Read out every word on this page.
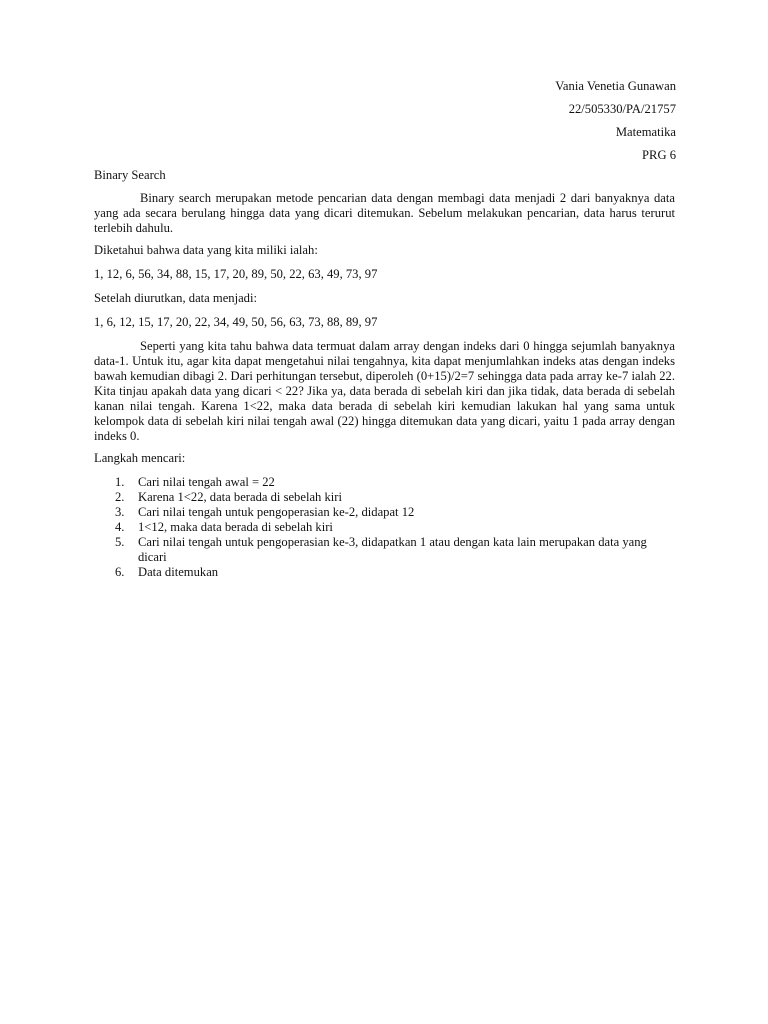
Vania Venetia Gunawan
22/505330/PA/21757
Matematika
PRG 6
Binary Search

Binary search merupakan metode pencarian data dengan membagi data menjadi 2 dari banyaknya data yang ada secara berulang hingga data yang dicari ditemukan. Sebelum melakukan pencarian, data harus terurut terlebih dahulu.

Diketahui bahwa data yang kita miliki ialah:
1, 12, 6, 56, 34, 88, 15, 17, 20, 89, 50, 22, 63, 49, 73, 97
Setelah diurutkan, data menjadi:
1, 6, 12, 15, 17, 20, 22, 34, 49, 50, 56, 63, 73, 88, 89, 97

Seperti yang kita tahu bahwa data termuat dalam array dengan indeks dari 0 hingga sejumlah banyaknya data-1. Untuk itu, agar kita dapat mengetahui nilai tengahnya, kita dapat menjumlahkan indeks atas dengan indeks bawah kemudian dibagi 2. Dari perhitungan tersebut, diperoleh (0+15)/2=7 sehingga data pada array ke-7 ialah 22. Kita tinjau apakah data yang dicari < 22? Jika ya, data berada di sebelah kiri dan jika tidak, data berada di sebelah kanan nilai tengah. Karena 1<22, maka data berada di sebelah kiri kemudian lakukan hal yang sama untuk kelompok data di sebelah kiri nilai tengah awal (22) hingga ditemukan data yang dicari, yaitu 1 pada array dengan indeks 0.

Langkah mencari:
1.	Cari nilai tengah awal = 22
2.	Karena 1<22, data berada di sebelah kiri
3.	Cari nilai tengah untuk pengoperasian ke-2, didapat 12
4.	1<12, maka data berada di sebelah kiri
5.	Cari nilai tengah untuk pengoperasian ke-3, didapatkan 1 atau dengan kata lain merupakan data yang dicari
6.	Data ditemukan
